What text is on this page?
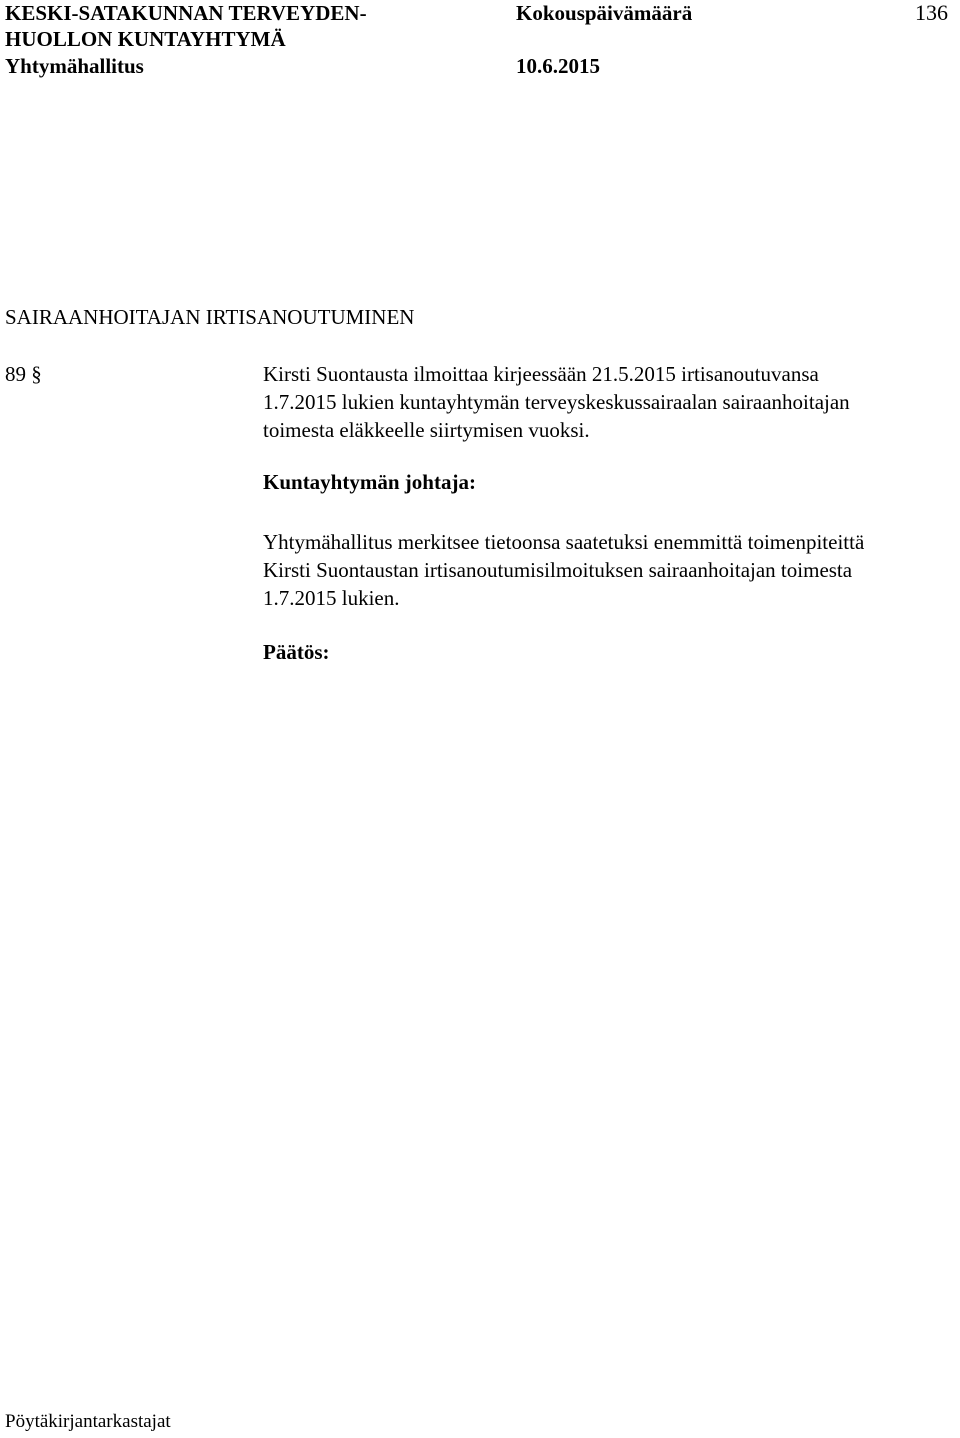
KESKI-SATAKUNNAN TERVEYDEN-
HUOLLON KUNTAYHTYMÄ
Yhtymähallitus
Kokouspäivämäärä
10.6.2015
136
SAIRAANHOITAJAN IRTISANOUTUMINEN
89 §	Kirsti Suontausta ilmoittaa kirjeessään 21.5.2015 irtisanoutuvansa
1.7.2015 lukien kuntayhtymän terveyskeskussairaalan sairaanhoitajan
toimesta eläkkeelle siirtymisen vuoksi.
Kuntayhtymän johtaja:
Yhtymähallitus merkitsee tietoonsa saatetuksi enemmittä toimenpiteittä
Kirsti Suontaustan irtisanoutumisilmoituksen sairaanhoitajan toimesta
1.7.2015 lukien.
Päätös:
Pöytäkirjantarkastajat
